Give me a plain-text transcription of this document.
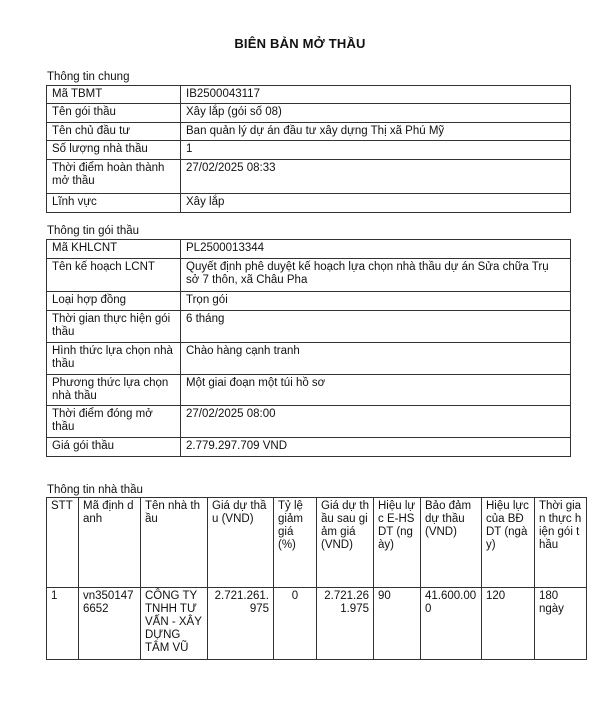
BIÊN BẢN MỞ THẦU
Thông tin chung
Mã TBMT	IB2500043117
Tên gói thầu	Xây lắp (gói số 08)
Tên chủ đầu tư	Ban quản lý dự án đầu tư xây dựng Thị xã Phú Mỹ
Số lượng nhà thầu	1
Thời điểm hoàn thành mở thầu	27/02/2025 08:33
Lĩnh vực	Xây lắp
Thông tin gói thầu
Mã KHLCNT	PL2500013344
Tên kế hoạch LCNT	Quyết định phê duyệt kế hoạch lựa chọn nhà thầu dự án Sửa chữa Trụ sở 7 thôn, xã Châu Pha
Loại hợp đồng	Trọn gói
Thời gian thực hiện gói thầu	6 tháng
Hình thức lựa chọn nhà thầu	Chào hàng cạnh tranh
Phương thức lựa chọn nhà thầu	Một giai đoạn một túi hồ sơ
Thời điểm đóng mở thầu	27/02/2025 08:00
Giá gói thầu	2.779.297.709 VND
Thông tin nhà thầu
STT	Mã định danh	Tên nhà thầu	Giá dự thầu (VND)	Tỷ lệ giảm giá (%)	Giá dự thầu sau giảm giá (VND)	Hiệu lực E-HSDT (ngày)	Bảo đảm dự thầu (VND)	Hiệu lực của BĐ DT (ngày)	Thời gian thực hiện gói thầu
1	vn3501476652	CÔNG TY TNHH TƯ VẤN - XÂY DỰNG TÂM VŨ	2.721.261.975	0	2.721.261.975	90	41.600.000	120	180 ngày
